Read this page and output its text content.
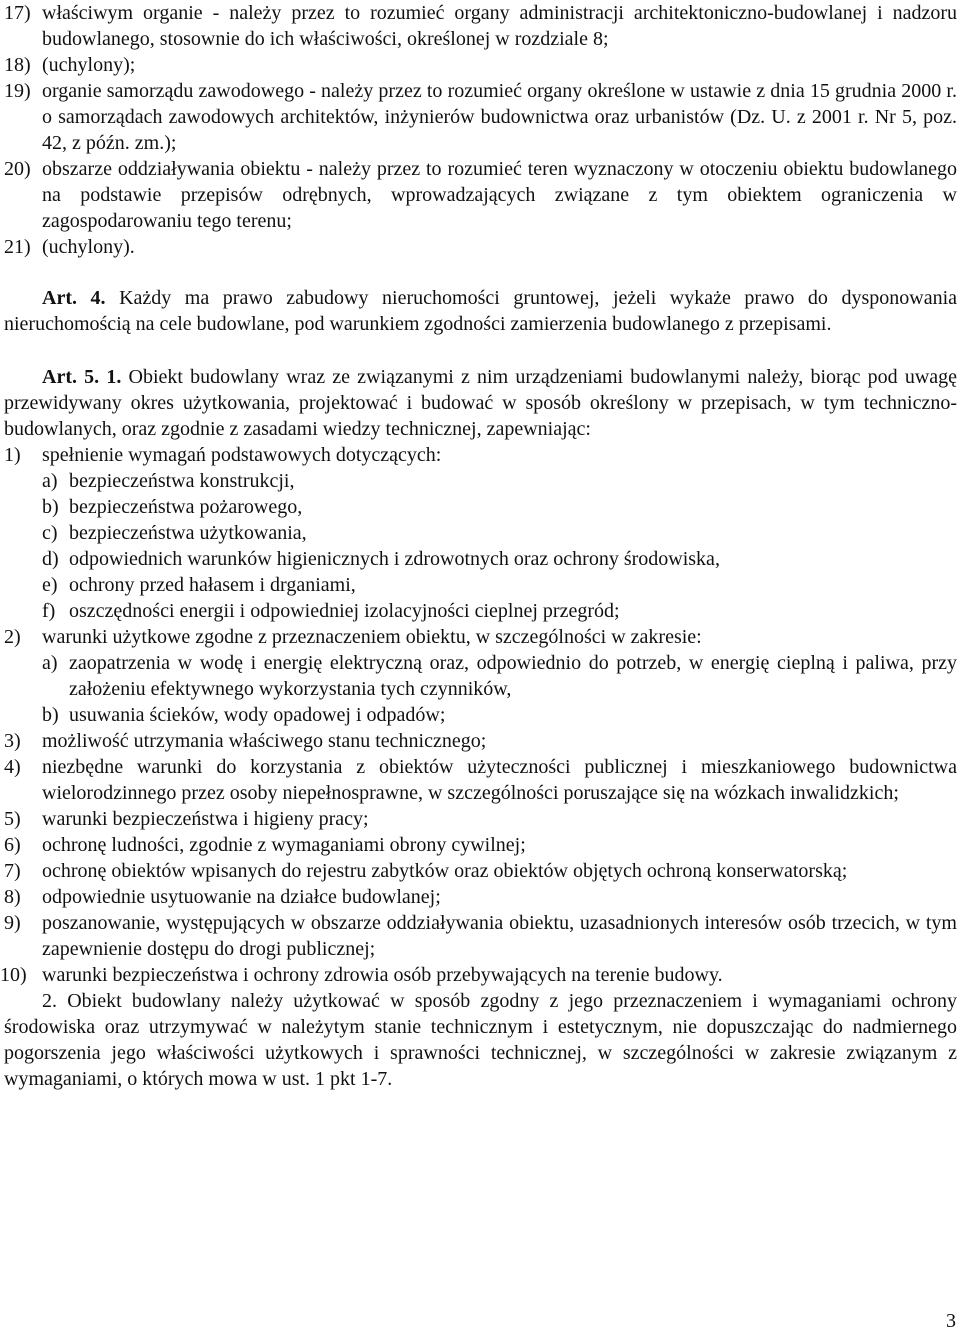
17) właściwym organie - należy przez to rozumieć organy administracji architektoniczno-budowlanej i nadzoru budowlanego, stosownie do ich właściwości, określonej w rozdziale 8;
18) (uchylony);
19) organie samorządu zawodowego - należy przez to rozumieć organy określone w ustawie z dnia 15 grudnia 2000 r. o samorządach zawodowych architektów, inżynierów budownictwa oraz urbanistów (Dz. U. z 2001 r. Nr 5, poz. 42, z późn. zm.);
20) obszarze oddziaływania obiektu - należy przez to rozumieć teren wyznaczony w otoczeniu obiektu budowlanego na podstawie przepisów odrębnych, wprowadzających związane z tym obiektem ograniczenia w zagospodarowaniu tego terenu;
21) (uchylony).
Art. 4. Każdy ma prawo zabudowy nieruchomości gruntowej, jeżeli wykaże prawo do dysponowania nieruchomością na cele budowlane, pod warunkiem zgodności zamierzenia budowlanego z przepisami.
Art. 5. 1. Obiekt budowlany wraz ze związanymi z nim urządzeniami budowlanymi należy, biorąc pod uwagę przewidywany okres użytkowania, projektować i budować w sposób określony w przepisach, w tym techniczno-budowlanych, oraz zgodnie z zasadami wiedzy technicznej, zapewniając:
1)	spełnienie wymagań podstawowych dotyczących:
a) bezpieczeństwa konstrukcji,
b) bezpieczeństwa pożarowego,
c) bezpieczeństwa użytkowania,
d) odpowiednich warunków higienicznych i zdrowotnych oraz ochrony środowiska,
e) ochrony przed hałasem i drganiami,
f) oszczędności energii i odpowiedniej izolacyjności cieplnej przegród;
2)	warunki użytkowe zgodne z przeznaczeniem obiektu, w szczególności w zakresie:
a) zaopatrzenia w wodę i energię elektryczną oraz, odpowiednio do potrzeb, w energię cieplną i paliwa, przy założeniu efektywnego wykorzystania tych czynników,
b) usuwania ścieków, wody opadowej i odpadów;
3)	możliwość utrzymania właściwego stanu technicznego;
4)	niezbędne warunki do korzystania z obiektów użyteczności publicznej i mieszkaniowego budownictwa wielorodzinnego przez osoby niepełnosprawne, w szczególności poruszające się na wózkach inwalidzkich;
5)	warunki bezpieczeństwa i higieny pracy;
6)	ochronę ludności, zgodnie z wymaganiami obrony cywilnej;
7)	ochronę obiektów wpisanych do rejestru zabytków oraz obiektów objętych ochroną konserwatorską;
8)	odpowiednie usytuowanie na działce budowlanej;
9)	poszanowanie, występujących w obszarze oddziaływania obiektu, uzasadnionych interesów osób trzecich, w tym zapewnienie dostępu do drogi publicznej;
10) warunki bezpieczeństwa i ochrony zdrowia osób przebywających na terenie budowy.
2. Obiekt budowlany należy użytkować w sposób zgodny z jego przeznaczeniem i wymaganiami ochrony środowiska oraz utrzymywać w należytym stanie technicznym i estetycznym, nie dopuszczając do nadmiernego pogorszenia jego właściwości użytkowych i sprawności technicznej, w szczególności w zakresie związanym z wymaganiami, o których mowa w ust. 1 pkt 1-7.
3
